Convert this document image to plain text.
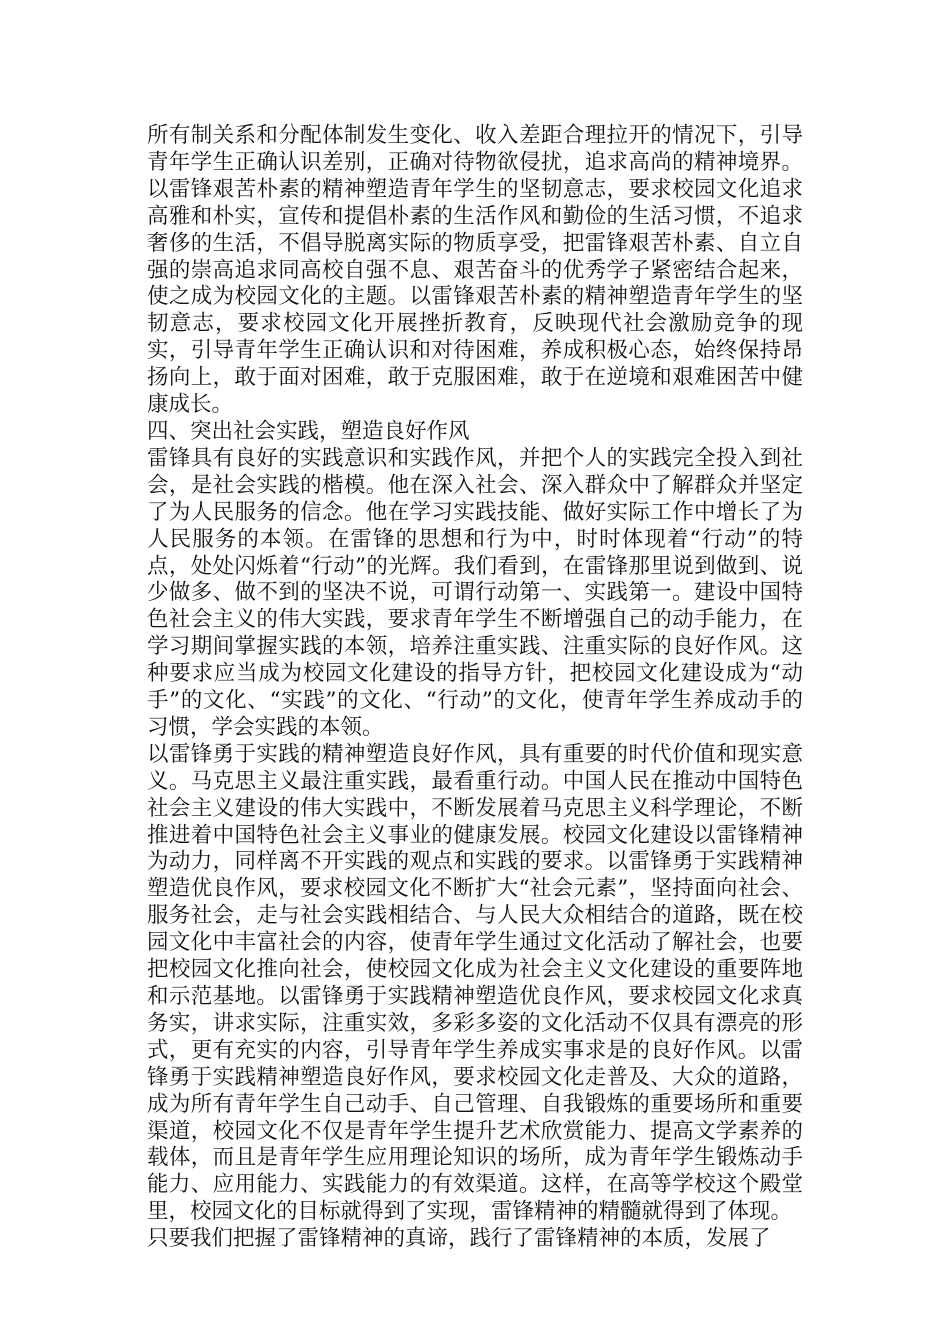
所有制关系和分配体制发生变化、收入差距合理拉开的情况下，引导青年学生正确认识差别，正确对待物欲侵扰，追求高尚的精神境界。以雷锋艰苦朴素的精神塑造青年学生的坚韧意志，要求校园文化追求高雅和朴实，宣传和提倡朴素的生活作风和勤俭的生活习惯，不追求奢侈的生活，不倡导脱离实际的物质享受，把雷锋艰苦朴素、自立自强的崇高追求同高校自强不息、艰苦奋斗的优秀学子紧密结合起来，使之成为校园文化的主题。以雷锋艰苦朴素的精神塑造青年学生的坚韧意志，要求校园文化开展挫折教育，反映现代社会激励竞争的现实，引导青年学生正确认识和对待困难，养成积极心态，始终保持昂扬向上，敢于面对困难，敢于克服困难，敢于在逆境和艰难困苦中健康成长。

四、突出社会实践，塑造良好作风

雷锋具有良好的实践意识和实践作风，并把个人的实践完全投入到社会，是社会实践的楷模。他在深入社会、深入群众中了解群众并坚定了为人民服务的信念。他在学习实践技能、做好实际工作中增长了为人民服务的本领。在雷锋的思想和行为中，时时体现着“行动”的特点，处处闪烁着“行动”的光辉。我们看到，在雷锋那里说到做到、说少做多、做不到的坚决不说，可谓行动第一、实践第一。建设中国特色社会主义的伟大实践，要求青年学生不断增强自己的动手能力，在学习期间掌握实践的本领，培养注重实践、注重实际的良好作风。这种要求应当成为校园文化建设的指导方针，把校园文化建设成为“动手”的文化、“实践”的文化、“行动”的文化，使青年学生养成动手的习惯，学会实践的本领。

以雷锋勇于实践的精神塑造良好作风，具有重要的时代价值和现实意义。马克思主义最注重实践，最看重行动。中国人民在推动中国特色社会主义建设的伟大实践中，不断发展着马克思主义科学理论，不断推进着中国特色社会主义事业的健康发展。校园文化建设以雷锋精神为动力，同样离不开实践的观点和实践的要求。以雷锋勇于实践精神塑造优良作风，要求校园文化不断扩大“社会元素”，坚持面向社会、服务社会，走与社会实践相结合、与人民大众相结合的道路，既在校园文化中丰富社会的内容，使青年学生通过文化活动了解社会，也要把校园文化推向社会，使校园文化成为社会主义文化建设的重要阵地和示范基地。以雷锋勇于实践精神塑造优良作风，要求校园文化求真务实，讲求实际，注重实效，多彩多姿的文化活动不仅具有漂亮的形式，更有充实的内容，引导青年学生养成实事求是的良好作风。以雷锋勇于实践精神塑造良好作风，要求校园文化走普及、大众的道路，成为所有青年学生自己动手、自己管理、自我锻炼的重要场所和重要渠道，校园文化不仅是青年学生提升艺术欣赏能力、提高文学素养的载体，而且是青年学生应用理论知识的场所，成为青年学生锻炼动手能力、应用能力、实践能力的有效渠道。这样，在高等学校这个殿堂里，校园文化的目标就得到了实现，雷锋精神的精髓就得到了体现。

只要我们把握了雷锋精神的真谛，践行了雷锋精神的本质，发展了
